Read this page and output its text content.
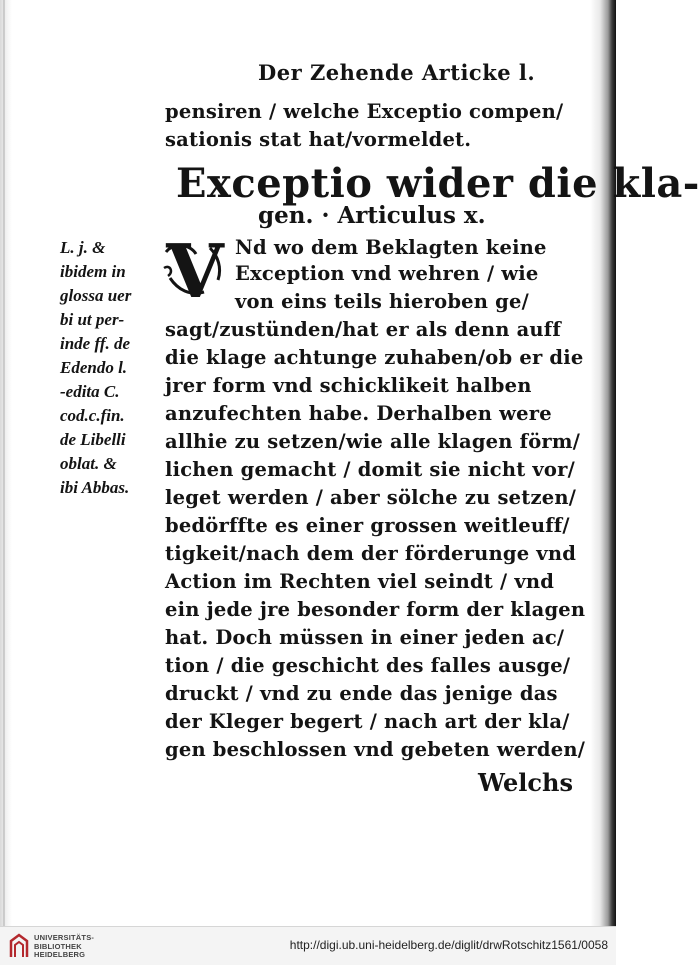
Der Zehende Articke l.
pensiren / welche Exceptio compen/
sationis stat hat/vormeldet.
Exceptio wider die kla-
gen. · Articulus x.
V Nd wo dem Beklagten keine
Exception vnd wehren / wie
von eins teils hieroben ge/
sagt/zustünden/hat er als denn auff
die klage achtunge zuhaben/ob er die
jrer form vnd schicklikeit halben
anzufechten habe. Derhalben were
allhie zu setzen/wie alle klagen förm/
lichen gemacht / domit sie nicht vor/
leget werden / aber sölche zu setzen/
bedörffte es einer grossen weitleuff/
tigkeit/nach dem der förderunge vnd
Action im Rechten viel seindt / vnd
ein jede jre besonder form der klagen
hat. Doch müssen in einer jeden ac/
tion / die geschicht des falles ausge/
druckt / vnd zu ende das jenige das
der Kleger begert / nach art der kla/
gen beschlossen vnd gebeten werden/
L. j. &
ibidem in
glossa uer
bi ut per-
inde ff. de
Edendo l.
-edita C.
cod.c.fin.
de Libelli
oblat. &
ibi Abbas.
Welchs
UNIVERSITÄTS-
BIBLIOTHEK
HEIDELBERG
http://digi.ub.uni-heidelberg.de/diglit/drwRotschitz1561/0058
